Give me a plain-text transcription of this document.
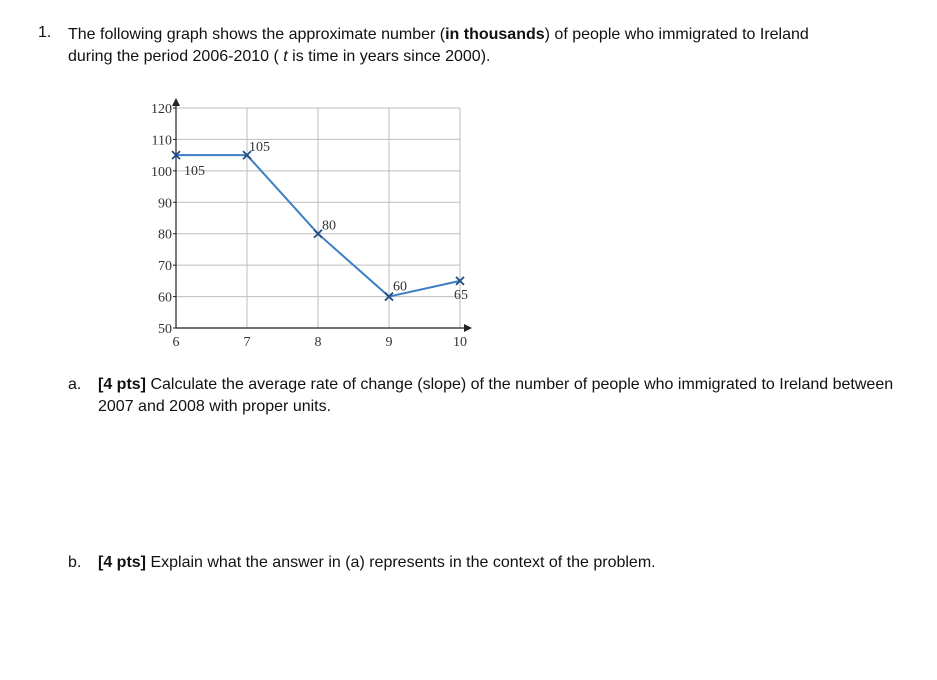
1. The following graph shows the approximate number (in thousands) of people who immigrated to Ireland
during the period 2006-2010 ( t is time in years since 2000).
50
60
70
80
90
100
110
120
6	7	8	9	10
105
105
80
60
65
a. [4 pts] Calculate the average rate of change (slope) of the number of people who immigrated to Ireland between 2007 and 2008 with proper units.
b. [4 pts] Explain what the answer in (a) represents in the context of the problem.
